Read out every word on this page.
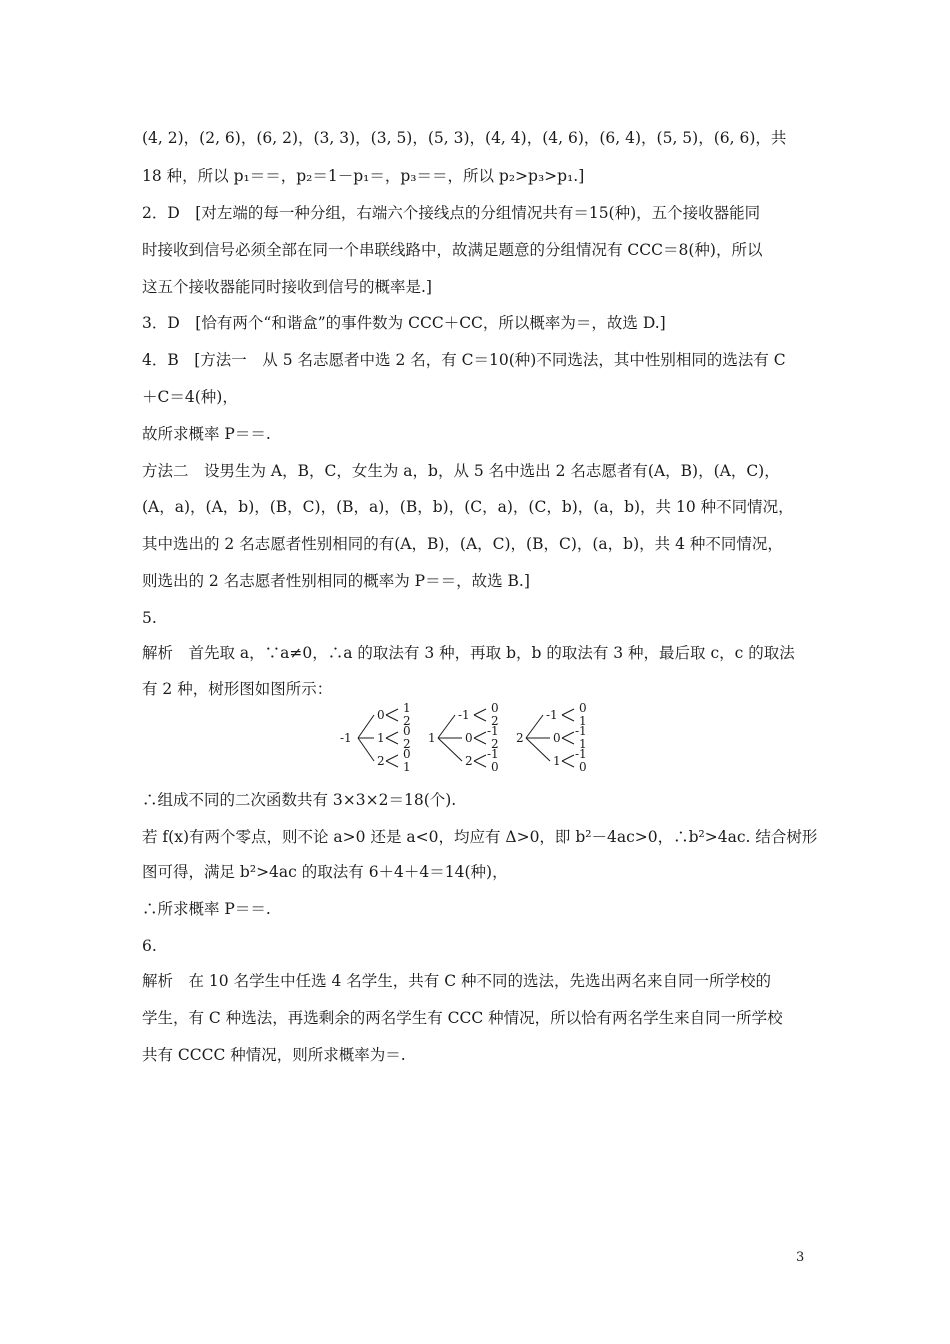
(4, 2)，(2, 6)，(6, 2)，(3, 3)，(3, 5)，(5, 3)，(4, 4)，(4, 6)，(6, 4)，(5, 5)，(6, 6)，共
18 种，所以 p₁＝＝，p₂＝1－p₁＝，p₃＝＝，所以 p₂>p₃>p₁.]
2．D　[对左端的每一种分组，右端六个接线点的分组情况共有＝15(种)，五个接收器能同
时接收到信号必须全部在同一个串联线路中，故满足题意的分组情况有 CCC＝8(种)，所以
这五个接收器能同时接收到信号的概率是.]
3．D　[恰有两个“和谐盒”的事件数为 CCC＋CC，所以概率为＝，故选 D.]
4．B　[方法一　从 5 名志愿者中选 2 名，有 C＝10(种)不同选法，其中性别相同的选法有 C
＋C＝4(种)，
故所求概率 P＝＝.
方法二　设男生为 A，B，C，女生为 a，b，从 5 名中选出 2 名志愿者有(A，B)，(A，C)，
(A，a)，(A，b)，(B，C)，(B，a)，(B，b)，(C，a)，(C，b)，(a，b)，共 10 种不同情况，
其中选出的 2 名志愿者性别相同的有(A，B)，(A，C)，(B，C)，(a，b)，共 4 种不同情况，
则选出的 2 名志愿者性别相同的概率为 P＝＝，故选 B.]
5.
解析　首先取 a，∵a≠0，∴a 的取法有 3 种，再取 b，b 的取法有 3 种，最后取 c，c 的取法
有 2 种，树形图如图所示：
-1
0 1
2
1 0
2
2 0
1
1
-1 0
2
0 -1
2
2 -1
0
2
-1 0
1
0 -1
1
1 -1
0
∴组成不同的二次函数共有 3×3×2＝18(个).
若 f(x)有两个零点，则不论 a>0 还是 a<0，均应有 Δ>0，即 b²－4ac>0，∴b²>4ac. 结合树形
图可得，满足 b²>4ac 的取法有 6＋4＋4＝14(种)，
∴所求概率 P＝＝.
6.
解析　在 10 名学生中任选 4 名学生，共有 C 种不同的选法，先选出两名来自同一所学校的
学生，有 C 种选法，再选剩余的两名学生有 CCC 种情况，所以恰有两名学生来自同一所学校
共有 CCCC 种情况，则所求概率为＝.
3
